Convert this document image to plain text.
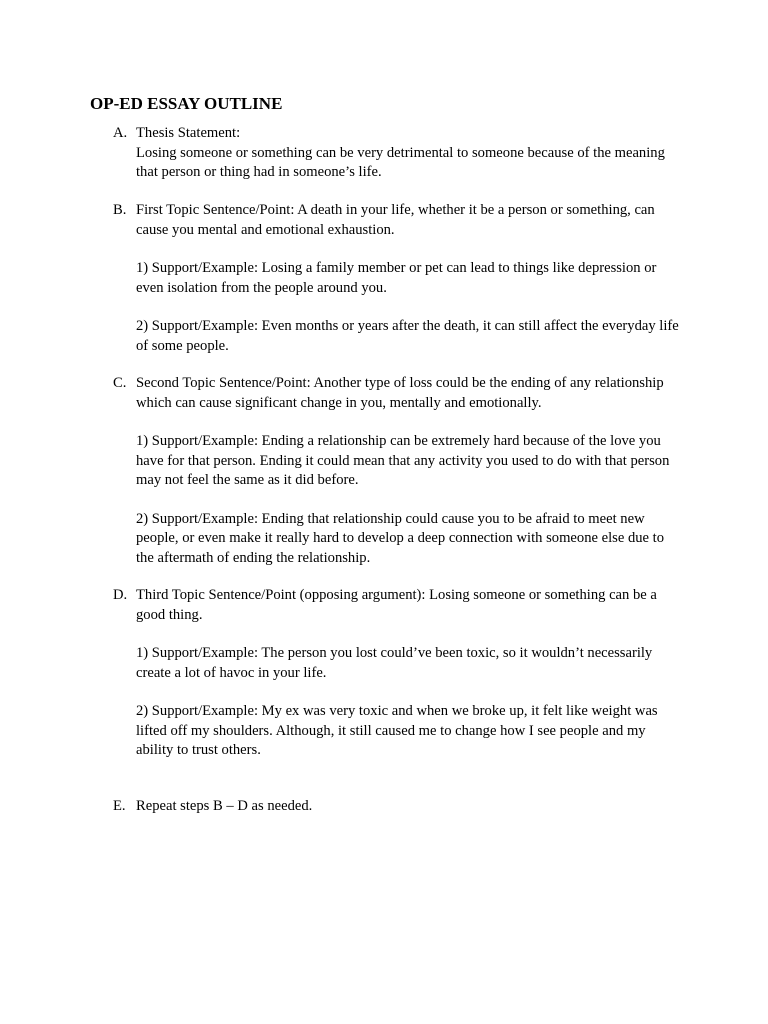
OP-ED ESSAY OUTLINE
A. Thesis Statement:

Losing someone or something can be very detrimental to someone because of the meaning that person or thing had in someone’s life.

B. First Topic Sentence/Point: A death in your life, whether it be a person or something, can cause you mental and emotional exhaustion.

1) Support/Example: Losing a family member or pet can lead to things like depression or even isolation from the people around you.

2) Support/Example: Even months or years after the death, it can still affect the everyday life of some people.

C. Second Topic Sentence/Point: Another type of loss could be the ending of any relationship which can cause significant change in you, mentally and emotionally.

1) Support/Example: Ending a relationship can be extremely hard because of the love you have for that person. Ending it could mean that any activity you used to do with that person may not feel the same as it did before.

2) Support/Example: Ending that relationship could cause you to be afraid to meet new people, or even make it really hard to develop a deep connection with someone else due to the aftermath of ending the relationship.

D. Third Topic Sentence/Point (opposing argument): Losing someone or something can be a good thing.

1) Support/Example: The person you lost could’ve been toxic, so it wouldn’t necessarily create a lot of havoc in your life.

2) Support/Example: My ex was very toxic and when we broke up, it felt like weight was lifted off my shoulders. Although, it still caused me to change how I see people and my ability to trust others.

E. Repeat steps B – D as needed.
